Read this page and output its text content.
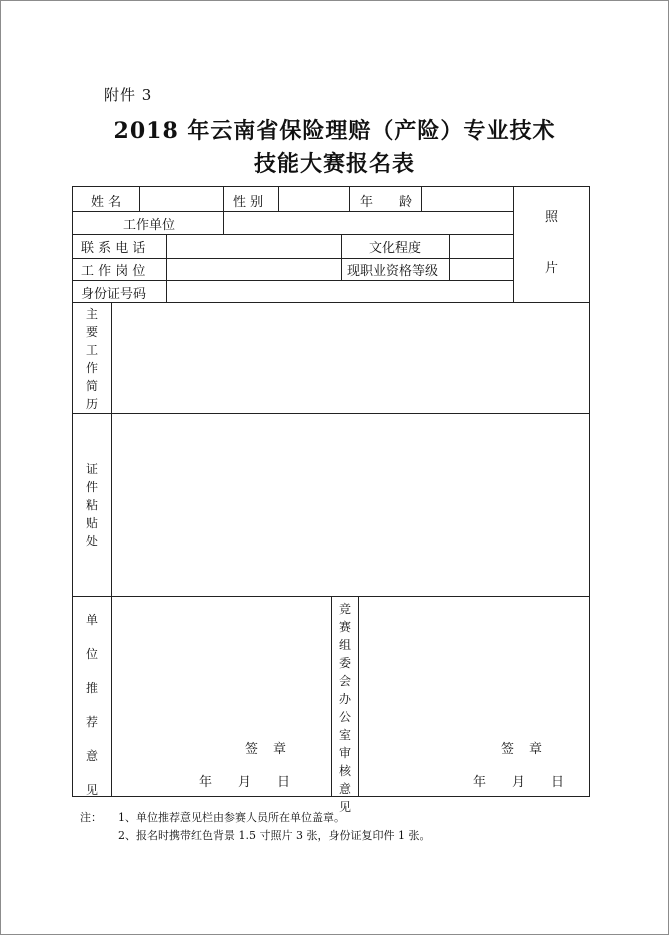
附件 3
2018 年云南省保险理赔（产险）专业技术
技能大赛报名表
姓 名	性 别	年　　龄
工作单位
联 系 电 话	文化程度
工 作 岗 位	现职业资格等级
身份证号码
照
片
主要工作简历
证件粘贴处
单位推荐意见
签　章
年　　月　　日
竞赛组委会办公室审核意见
签　章
年　　月　　日
注： 1、单位推荐意见栏由参赛人员所在单位盖章。
2、报名时携带红色背景 1.5 寸照片 3 张，身份证复印件 1 张。
